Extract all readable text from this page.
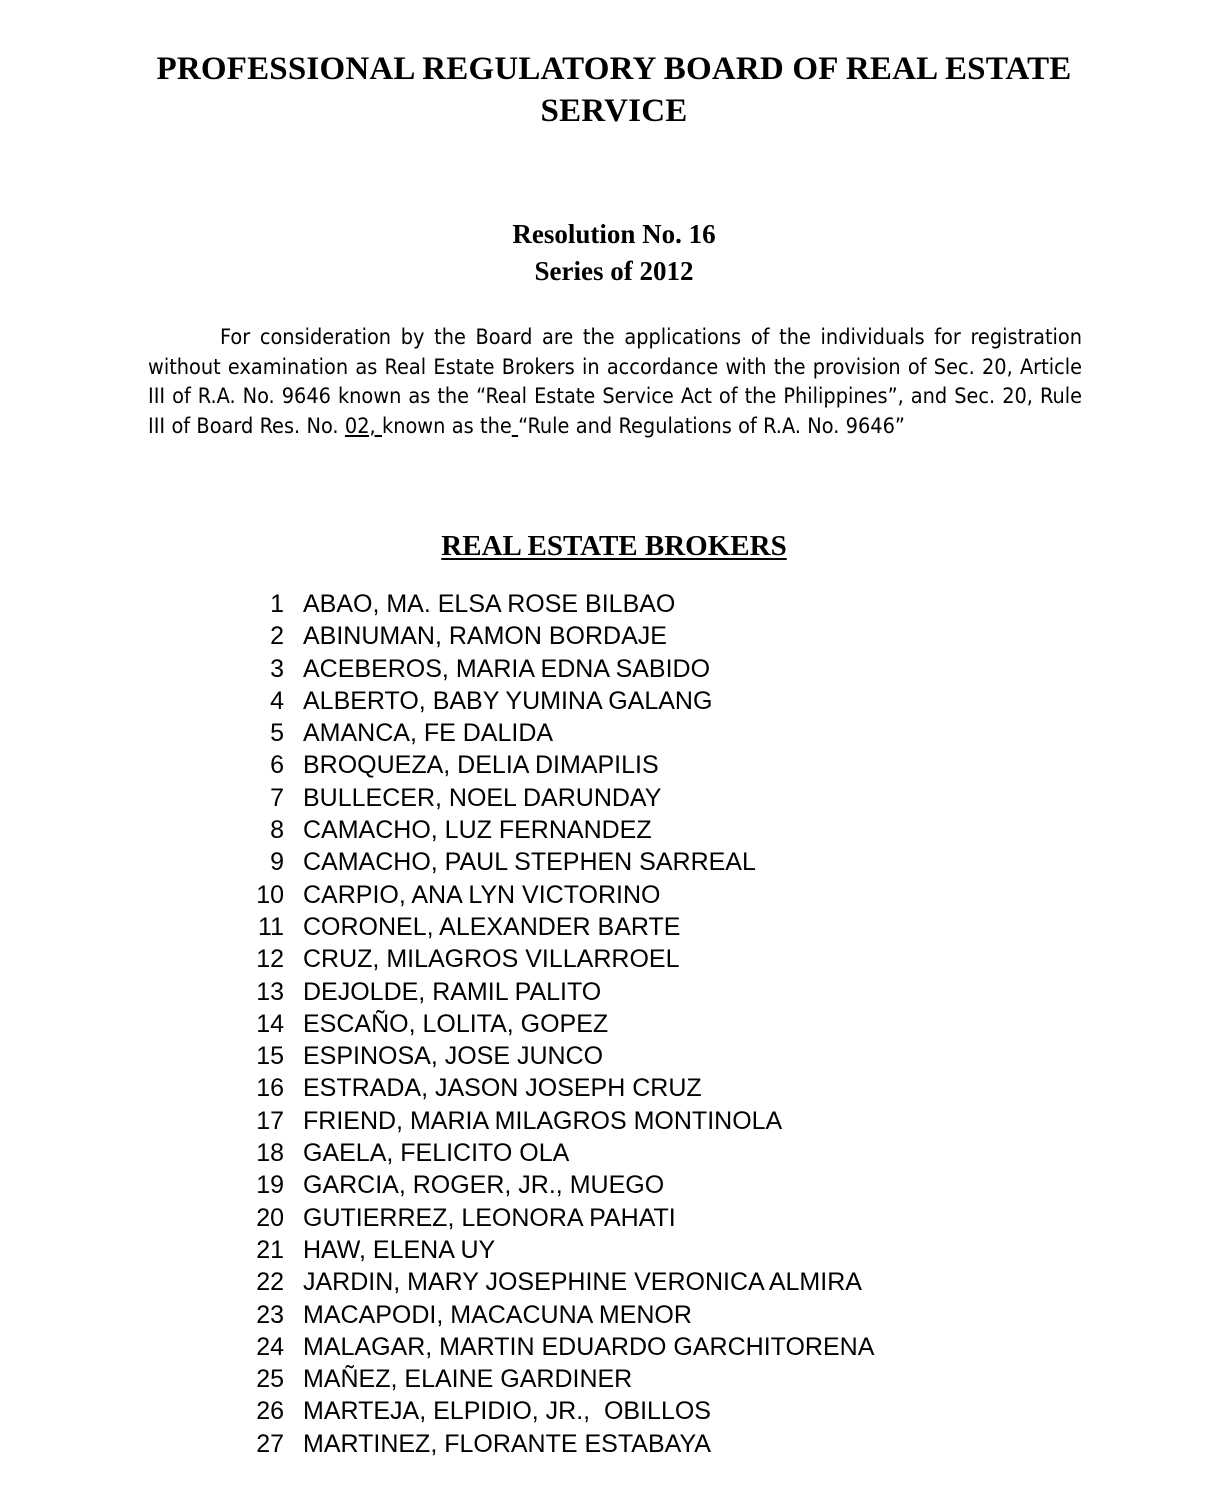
PROFESSIONAL REGULATORY BOARD OF REAL ESTATE SERVICE
Resolution No. 16
Series of 2012
For consideration by the Board are the applications of the individuals for registration without examination as Real Estate Brokers in accordance with the provision of Sec. 20, Article III of R.A. No. 9646 known as the “Real Estate Service Act of the Philippines”, and Sec. 20, Rule III of Board Res. No. 02, known as the “Rule and Regulations of R.A. No. 9646”
REAL ESTATE BROKERS
1 ABAO, MA. ELSA ROSE BILBAO
2 ABINUMAN, RAMON BORDAJE
3 ACEBEROS, MARIA EDNA SABIDO
4 ALBERTO, BABY YUMINA GALANG
5 AMANCA, FE DALIDA
6 BROQUEZA, DELIA DIMAPILIS
7 BULLECER, NOEL DARUNDAY
8 CAMACHO, LUZ FERNANDEZ
9 CAMACHO, PAUL STEPHEN SARREAL
10 CARPIO, ANA LYN VICTORINO
11 CORONEL, ALEXANDER BARTE
12 CRUZ, MILAGROS VILLARROEL
13 DEJOLDE, RAMIL PALITO
14 ESCAÑO, LOLITA, GOPEZ
15 ESPINOSA, JOSE JUNCO
16 ESTRADA, JASON JOSEPH CRUZ
17 FRIEND, MARIA MILAGROS MONTINOLA
18 GAELA, FELICITO OLA
19 GARCIA, ROGER, JR., MUEGO
20 GUTIERREZ, LEONORA PAHATI
21 HAW, ELENA UY
22 JARDIN, MARY JOSEPHINE VERONICA ALMIRA
23 MACAPODI, MACACUNA MENOR
24 MALAGAR, MARTIN EDUARDO GARCHITORENA
25 MAÑEZ, ELAINE GARDINER
26 MARTEJA, ELPIDIO, JR.,  OBILLOS
27 MARTINEZ, FLORANTE ESTABAYA
